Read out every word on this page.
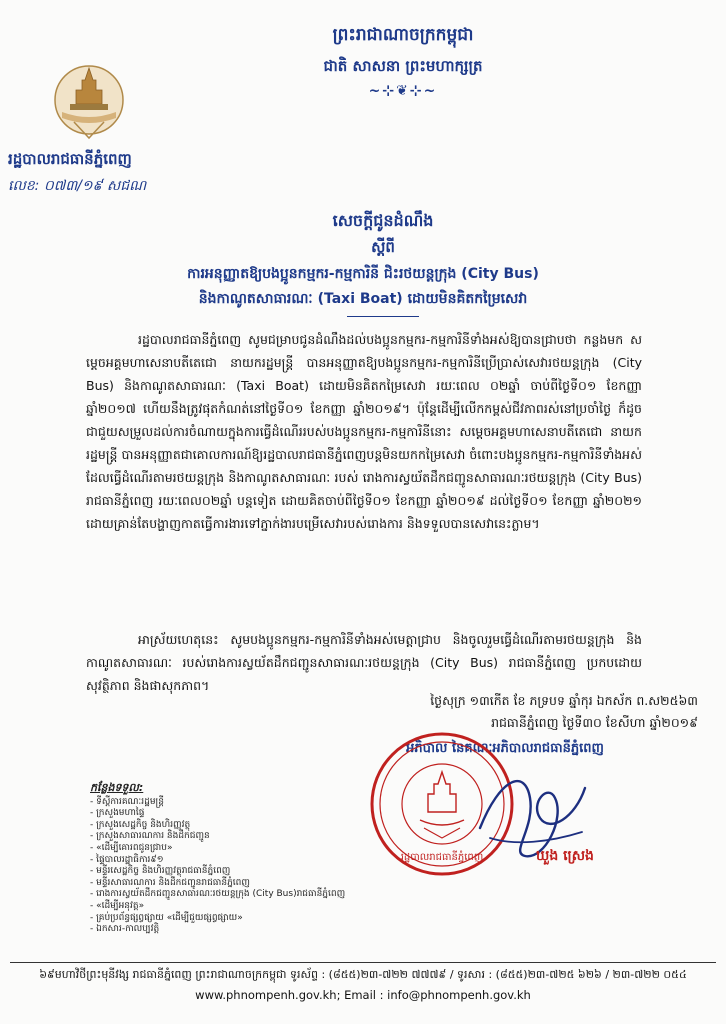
ព្រះរាជាណាចក្រកម្ពុជា
ជាតិ សាសនា ព្រះមហាក្សត្រ
~⊹❦⊹~
រដ្ឋបាលរាជធានីភ្នំពេញ
លេខ: ០៧៣/១៩ សជណ
សេចក្តីជូនដំណឹង
ស្តីពី
ការអនុញ្ញាតឱ្យបងប្អូនកម្មករ-កម្មការិនី ជិះរថយន្តក្រុង (City Bus)
និងកាណូតសាធារណៈ (Taxi Boat) ដោយមិនគិតកម្រៃសេវា
រដ្ឋបាលរាជធានីភ្នំពេញ សូមជម្រាបជូនដំណឹងដល់បងប្អូនកម្មករ-កម្មការិនីទាំងអស់ឱ្យបានជ្រាបថា កន្លងមក សម្តេចអគ្គមហាសេនាបតីតេជោ នាយករដ្ឋមន្ត្រី បានអនុញ្ញាតឱ្យបងប្អូនកម្មករ-កម្មការិនីប្រើប្រាស់សេវារថយន្តក្រុង (City Bus) និងកាណូតសាធារណៈ (Taxi Boat) ដោយមិនគិតកម្រៃសេវា រយៈពេល ០២ឆ្នាំ ចាប់ពីថ្ងៃទី០១ ខែកញ្ញា ឆ្នាំ២០១៧ ហើយនឹងត្រូវផុតកំណត់នៅថ្ងៃទី០១ ខែកញ្ញា ឆ្នាំ២០១៩។ ប៉ុន្តែដើម្បីលើកកម្ពស់ជីវភាពរស់នៅប្រចាំថ្ងៃ ក៏ដូចជាជួយសម្រួលដល់ការចំណាយក្នុងការធ្វើដំណើររបស់បងប្អូនកម្មករ-កម្មការិនីនោះ សម្តេចអគ្គមហាសេនាបតីតេជោ នាយករដ្ឋមន្ត្រី បានអនុញ្ញាតជាគោលការណ៍ឱ្យរដ្ឋបាលរាជធានីភ្នំពេញបន្តមិនយកកម្រៃសេវា ចំពោះបងប្អូនកម្មករ-កម្មការិនីទាំងអស់ដែលធ្វើដំណើរតាមរថយន្តក្រុង និងកាណូតសាធារណៈ របស់ រោងការស្វយ័តដឹកជញ្ជូនសាធារណៈរថយន្តក្រុង (City Bus) រាជធានីភ្នំពេញ រយៈពេល០២ឆ្នាំ បន្តទៀត ដោយគិតចាប់ពីថ្ងៃទី០១ ខែកញ្ញា ឆ្នាំ២០១៩ ដល់ថ្ងៃទី០១ ខែកញ្ញា ឆ្នាំ២០២១ ដោយគ្រាន់តែបង្ហាញកាតធ្វើការងារទៅភ្នាក់ងារបម្រើសេវារបស់រោងការ និងទទួលបានសេវានេះភ្លាម។
អាស្រ័យហេតុនេះ សូមបងប្អូនកម្មករ-កម្មការិនីទាំងអស់មេត្តាជ្រាប និងចូលរួមធ្វើដំណើរតាមរថយន្តក្រុង និងកាណូតសាធារណៈ របស់រោងការស្វយ័តដឹកជញ្ជូនសាធារណៈរថយន្តក្រុង (City Bus) រាជធានីភ្នំពេញ ប្រកបដោយសុវត្ថិភាព និងផាសុកភាព។
ថ្ងៃសុក្រ ១៣កើត ខែ ភទ្របទ ឆ្នាំកុរ ឯកស័ក ព.ស២៥៦៣
រាជធានីភ្នំពេញ ថ្ងៃទី៣០ ខែសីហា ឆ្នាំ២០១៩
អភិបាល នៃគណៈអភិបាលរាជធានីភ្នំពេញ
រដ្ឋបាលរាជធានីភ្នំពេញ	ឃួង ស្រេង
កន្លែងទទួល:
- ទីស្តីការគណៈរដ្ឋមន្ត្រី
- ក្រសួងមហាផ្ទៃ
- ក្រសួងសេដ្ឋកិច្ច និងហិរញ្ញវត្ថុ
- ក្រសួងសាធារណការ និងដឹកជញ្ជូន
- «ដើម្បីគោរពជូនជ្រាប»
- ផ្ទៃបាលរដ្ឋាធិការ៩១
- មន្ទីរសេដ្ឋកិច្ច និងហិរញ្ញវត្ថុរាជធានីភ្នំពេញ
- មន្ទីរសាធារណការ និងដឹកជញ្ជូនរាជធានីភ្នំពេញ
- រោងការស្វយ័តដឹកជញ្ជូនសាធារណៈរថយន្តក្រុង (City Bus)រាជធានីភ្នំពេញ
- «ដើម្បីអនុវត្ត»
- គ្រប់ប្រព័ន្ធផ្សព្វផ្សាយ «ដើម្បីជួយផ្សព្វផ្សាយ»
- ឯកសារ-កាលប្បវត្តិ
៦៩មហាវិថីព្រះមុនីវង្ស រាជធានីភ្នំពេញ ព្រះរាជាណាចក្រកម្ពុជា ទូរស័ព្ទ : (៨៥៥)២៣-៧២២ ៧៧៧៩ / ទូរសារ : (៨៥៥)២៣-៧២៥ ៦២៦ / ២៣-៧២២ ០៥៤
www.phnompenh.gov.kh; Email : info@phnompenh.gov.kh
